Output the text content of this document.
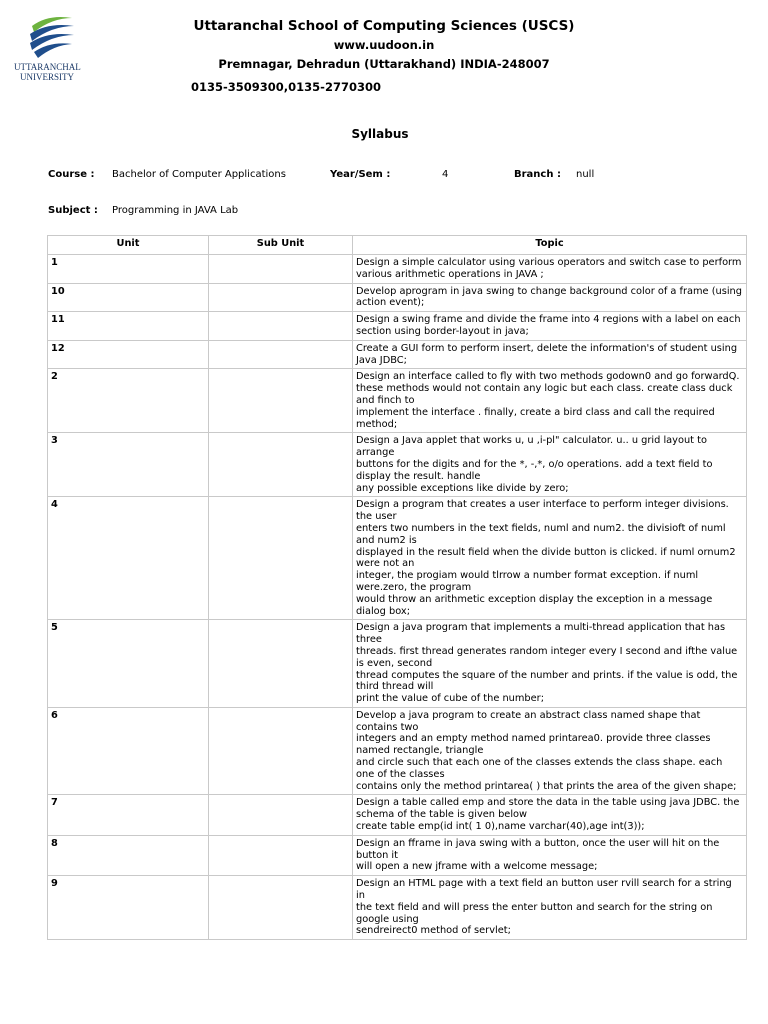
UTTARANCHAL
UNIVERSITY
Uttaranchal School of Computing Sciences (USCS)
www.uudoon.in
Premnagar, Dehradun (Uttarakhand) INDIA-248007
0135-3509300,0135-2770300
Syllabus
Course : Bachelor of Computer Applications	Year/Sem :	4	Branch : null
Subject : Programming in JAVA Lab
Unit	Sub Unit	Topic
1		Design a simple calculator using various operators and switch case to perform
various arithmetic operations in JAVA ;
10		Develop aprogram in java swing to change background color of a frame (using
action event);
11		Design a swing frame and divide the frame into 4 regions with a label on each
section using border-layout in java;
12		Create a GUI form to perform insert, delete the information's of student using Java JDBC;
2		Design an interface called to fly with two methods godown0 and go forwardQ.
these methods would not contain any logic but each class. create class duck and finch to
implement the interface . finally, create a bird class and call the required method;
3		Design a Java applet that works u, u ,i-pl" calculator. u.. u grid layout to arrange
buttons for the digits and for the *, -,*, o/o operations. add a text field to display the result. handle
any possible exceptions like divide by zero;
4		Design a program that creates a user interface to perform integer divisions. the user
enters two numbers in the text fields, numl and num2. the divisioft of numl and num2 is
displayed in the result field when the divide button is clicked. if numl ornum2 were not an
integer, the progiam would tlrrow a number format exception. if numl were.zero, the program
would throw an arithmetic exception display the exception in a message dialog box;
5		Design a java program that implements a multi-thread application that has three
threads. first thread generates random integer every I second and ifthe value is even, second
thread computes the square of the number and prints. if the value is odd, the third thread will
print the value of cube of the number;
6		Develop a java program to create an abstract class named shape that contains two
integers and an empty method named printarea0. provide three classes named rectangle, triangle
and circle such that each one of the classes extends the class shape. each one of the classes
contains only the method printarea( ) that prints the area of the given shape;
7		Design a table called emp and store the data in the table using java JDBC. the
schema of the table is given below
create table emp(id int( 1 0),name varchar(40),age int(3));
8		Design an fframe in java swing with a button, once the user will hit on the button it
will open a new jframe with a welcome message;
9		Design an HTML page with a text field an button user rvill search for a string in
the text field and will press the enter button and search for the string on google using
sendreirect0 method of servlet;
